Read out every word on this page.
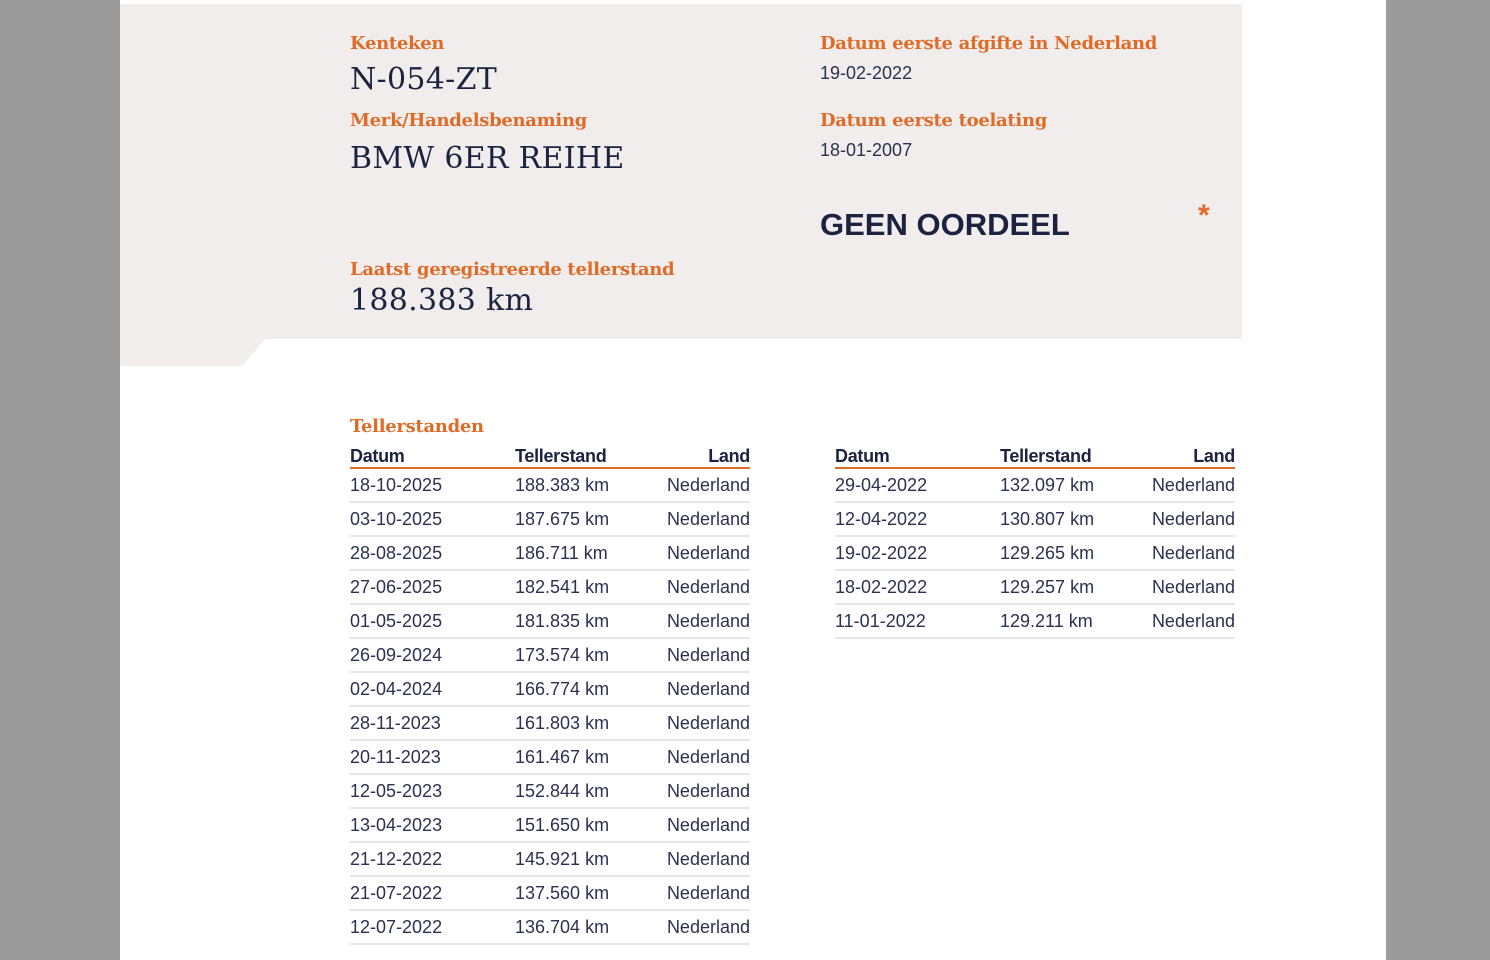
Kenteken
N-054-ZT
Merk/Handelsbenaming
BMW 6ER REIHE
Laatst geregistreerde tellerstand
188.383 km
Datum eerste afgifte in Nederland
19-02-2022
Datum eerste toelating
18-01-2007
GEEN OORDEEL	*
Tellerstanden
Datum	Tellerstand	Land
18-10-2025	188.383 km	Nederland
03-10-2025	187.675 km	Nederland
28-08-2025	186.711 km	Nederland
27-06-2025	182.541 km	Nederland
01-05-2025	181.835 km	Nederland
26-09-2024	173.574 km	Nederland
02-04-2024	166.774 km	Nederland
28-11-2023	161.803 km	Nederland
20-11-2023	161.467 km	Nederland
12-05-2023	152.844 km	Nederland
13-04-2023	151.650 km	Nederland
21-12-2022	145.921 km	Nederland
21-07-2022	137.560 km	Nederland
12-07-2022	136.704 km	Nederland
Datum	Tellerstand	Land
29-04-2022	132.097 km	Nederland
12-04-2022	130.807 km	Nederland
19-02-2022	129.265 km	Nederland
18-02-2022	129.257 km	Nederland
11-01-2022	129.211 km	Nederland
